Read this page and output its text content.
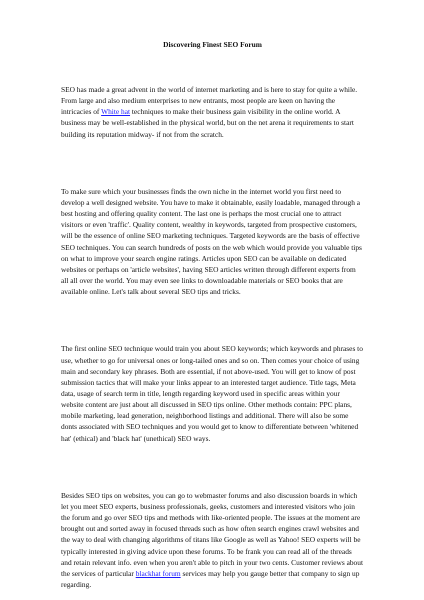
Discovering Finest SEO Forum

SEO has made a great advent in the world of internet marketing and is here to stay for quite a while. From large and also medium enterprises to new entrants, most people are keen on having the intricacies of White hat techniques to make their business gain visibility in the online world. A business may be well-established in the physical world, but on the net arena it requirements to start building its reputation midway- if not from the scratch.

To make sure which your businesses finds the own niche in the internet world you first need to develop a well designed website. You have to make it obtainable, easily loadable, managed through a best hosting and offering quality content. The last one is perhaps the most crucial one to attract visitors or even 'traffic'. Quality content, wealthy in keywords, targeted from prospective customers, will be the essence of online SEO marketing techniques. Targeted keywords are the basis of effective SEO techniques. You can search hundreds of posts on the web which would provide you valuable tips on what to improve your search engine ratings. Articles upon SEO can be available on dedicated websites or perhaps on 'article websites', having SEO articles written through different experts from all all over the world. You may even see links to downloadable materials or SEO books that are available online. Let's talk about several SEO tips and tricks.

The first online SEO technique would train you about SEO keywords; which keywords and phrases to use, whether to go for universal ones or long-tailed ones and so on. Then comes your choice of using main and secondary key phrases. Both are essential, if not above-used. You will get to know of post submission tactics that will make your links appear to an interested target audience. Title tags, Meta data, usage of search term in title, length regarding keyword used in specific areas within your website content are just about all discussed in SEO tips online. Other methods contain: PPC plans, mobile marketing, lead generation, neighborhood listings and additional. There will also be some donts associated with SEO techniques and you would get to know to differentiate between 'whitened hat' (ethical) and 'black hat' (unethical) SEO ways.

Besides SEO tips on websites, you can go to webmaster forums and also discussion boards in which let you meet SEO experts, business professionals, geeks, customers and interested visitors who join the forum and go over SEO tips and methods with like-oriented people. The issues at the moment are brought out and sorted away in focused threads such as how often search engines crawl websites and the way to deal with changing algorithms of titans like Google as well as Yahoo! SEO experts will be typically interested in giving advice upon these forums. To be frank you can read all of the threads and retain relevant info. even when you aren't able to pitch in your two cents. Customer reviews about the services of particular blackhat forum services may help you gauge better that company to sign up regarding.
